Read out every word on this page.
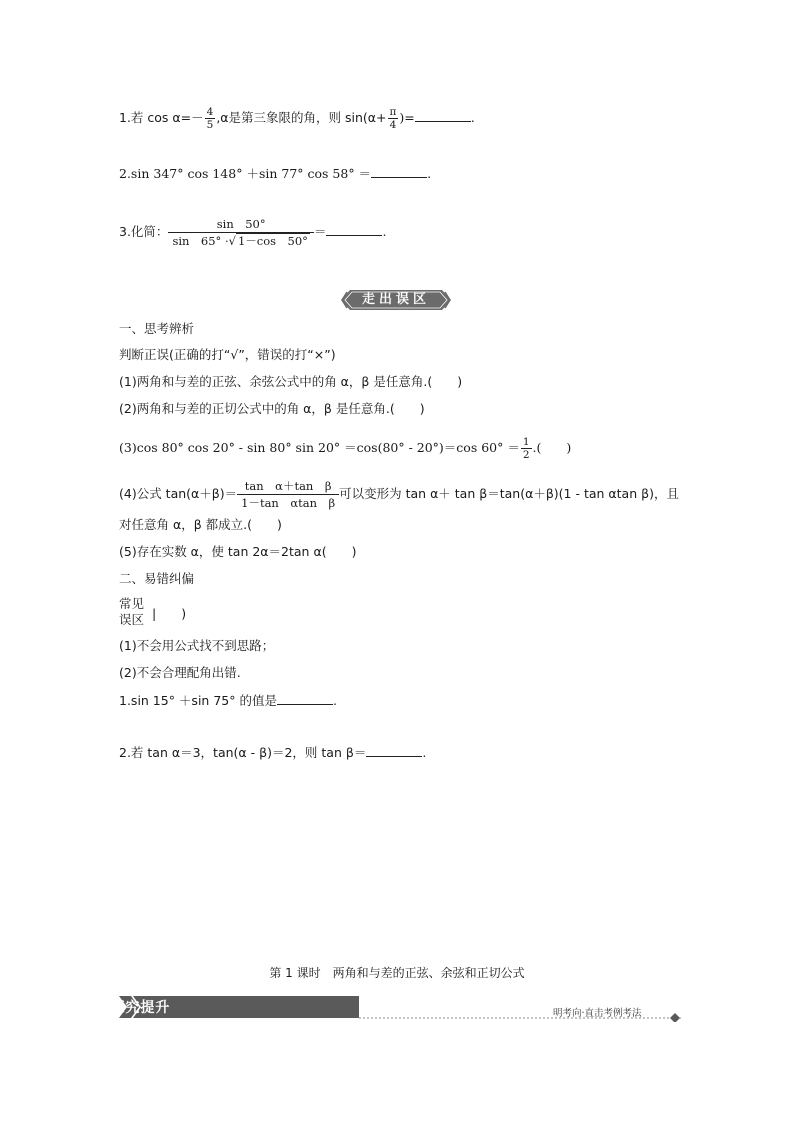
1.若 $\cos \alpha=- \frac{4}{5} ,\alpha$是第三象限的角，则 $\sin(\alpha+ \frac{\pi}{4}$ )=	.
2.sin 347° cos 148° ＋sin 77° cos 58° ＝	.
3.化简： $\frac{\sin 50^\circ}{\sin 65^\circ \cdot√ 1-\cos 50^\circ}$ ＝	.
走出误区
一、思考辨析
判断正误(正确的打“√”，错误的打“×”)
(1)两角和与差的正弦、余弦公式中的角 α，β 是任意角.(　　)
(2)两角和与差的正切公式中的角 α，β 是任意角.(　　)
(3)cos 80° cos 20° ‐ sin 80° sin 20° ＝cos(80° ‐ 20°)＝cos $60^\circ = \frac{1}{2}$ .(　　)
(4)公式 $\tan(\alpha+\beta)= \frac{\text{tan　α＋tan　β}}{\text{1－tan　αtan　β}}$ 可以变形为 tan α＋ tan β＝tan(α＋β)(1 ‐ tan αtan β)，且
对任意角 α，β 都成立.(　　)
(5)存在实数 α，使 tan 2α＝2tan α(　　)
二、易错纠偏
常见
误区 |　　)
(1)不会用公式找不到思路；
(2)不会合理配角出错.
1.sin 15° ＋sin 75° 的值是	.
2.若 tan α＝3，tan(α ‐ β)＝2，则 tan β＝	.
第 1 课时　两角和与差的正弦、余弦和正切公式
学科素养·探究提升	明考向·直击考例考法
